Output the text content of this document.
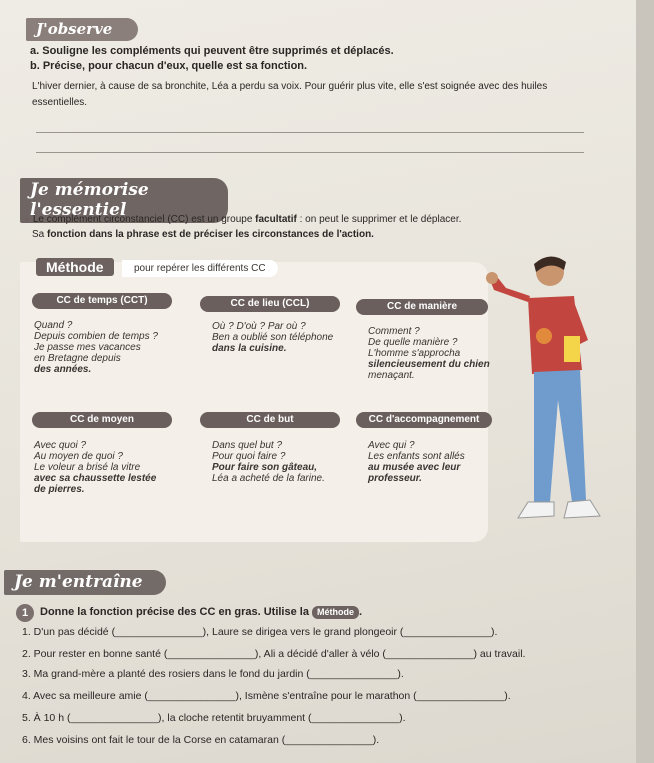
J'observe
a. Souligne les compléments qui peuvent être supprimés et déplacés.
b. Précise, pour chacun d'eux, quelle est sa fonction.
L'hiver dernier, à cause de sa bronchite, Léa a perdu sa voix. Pour guérir plus vite, elle s'est soignée avec des huiles
essentielles.
Je mémorise l'essentiel
● Le complément circonstanciel (CC) est un groupe facultatif : on peut le supprimer et le déplacer.
Sa fonction dans la phrase est de préciser les circonstances de l'action.
Méthode	pour repérer les différents CC
CC de temps (CCT)	CC de lieu (CCL)	CC de manière
Quand ?
Depuis combien de temps ?
Je passe mes vacances
en Bretagne depuis
des années.
Où ? D'où ? Par où ?
Ben a oublié son téléphone
dans la cuisine.
Comment ?
De quelle manière ?
L'homme s'approcha
silencieusement du chien
menaçant.
CC de moyen	CC de but	CC d'accompagnement
Avec quoi ?
Au moyen de quoi ?
Le voleur a brisé la vitre
avec sa chaussette lestée
de pierres.
Dans quel but ?
Pour quoi faire ?
Pour faire son gâteau,
Léa a acheté de la farine.
Avec qui ?
Les enfants sont allés
au musée avec leur
professeur.
Je m'entraîne
1	Donne la fonction précise des CC en gras. Utilise la Méthode .
1. D'un pas décidé (_______________), Laure se dirigea vers le grand plongeoir (_______________).
2. Pour rester en bonne santé (_______________), Ali a décidé d'aller à vélo (_______________) au travail.
3. Ma grand-mère a planté des rosiers dans le fond du jardin (_______________).
4. Avec sa meilleure amie (_______________), Ismène s'entraîne pour le marathon (_______________).
5. À 10 h (_______________), la cloche retentit bruyamment (_______________).
6. Mes voisins ont fait le tour de la Corse en catamaran (_______________).
